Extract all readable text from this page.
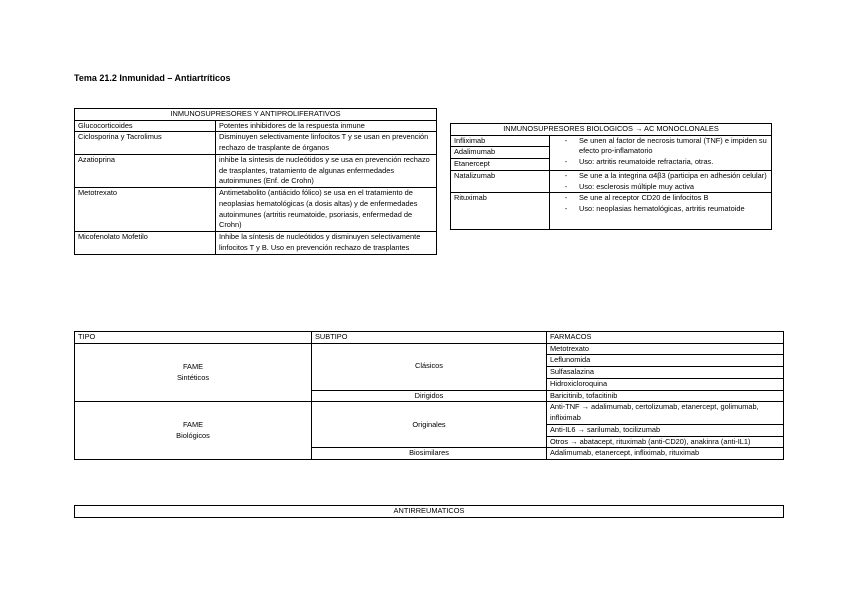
Tema 21.2 Inmunidad – Antiartríticos
INMUNOSUPRESORES Y ANTIPROLIFERATIVOS	
Glucocorticoides	Potentes inhibidores de la respuesta inmune
Ciclosporina y Tacrolimus	Disminuyen selectivamente linfocitos T y se usan en prevención rechazo de trasplante de órganos
Azatioprina	inhibe la síntesis de nucleótidos y se usa en prevención rechazo de trasplantes, tratamiento de algunas enfermedades autoinmunes (Enf. de Crohn)
Metotrexato	Antimetabolito (antiácido fólico) se usa en el tratamiento de neoplasias hematológicas (a dosis altas) y de enfermedades autoinmunes (artritis reumatoide, psoriasis, enfermedad de Crohn)
Micofenolato Mofetilo	Inhibe la síntesis de nucleótidos y disminuyen selectivamente linfocitos T y B. Uso en prevención rechazo de trasplantes
INMUNOSUPRESORES BIOLOGICOS → AC MONOCLONALES	
Infliximab	- Se unen al factor de necrosis tumoral (TNF) e impiden su efecto pro-inflamatorio
- Uso: artritis reumatoide refractaria, otras.

Adalimumab	
Etanercept	
Natalizumab	- Se une a la integrina α4β3 (participa en adhesión celular)
- Uso: esclerosis múltiple muy activa

Rituximab	- Se une al receptor CD20 de linfocitos B
- Uso: neoplasias hematológicas, artritis reumatoide
TIPO	SUBTIPO	FARMACOS

FAME
Sintéticos	Clásicos	Metotrexato
		Leflunomida
		Sulfasalazina
		Hidroxicloroquina
	Dirigidos	Baricitinib, tofacitinib

FAME
Biológicos	Originales	Anti-TNF → adalimumab, certolizumab, etanercept, golimumab, infliximab
		Anti-IL6 → sarilumab, tocilizumab
		Otros → abatacept, rituximab (anti-CD20), anakinra (anti-IL1)
	Biosimilares	Adalimumab, etanercept, infliximab, rituximab
ANTIRREUMATICOS
